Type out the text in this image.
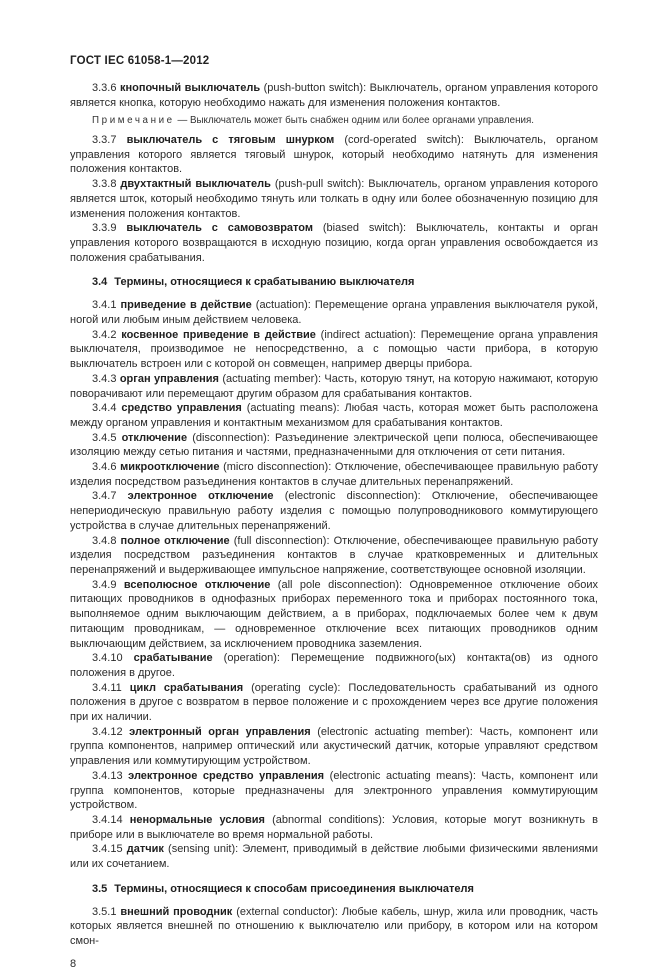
ГОСТ IEC 61058-1—2012

3.3.6 кнопочный выключатель (push-button switch): Выключатель, органом управления которого является кнопка, которую необходимо нажать для изменения положения контактов.

Примечание — Выключатель может быть снабжен одним или более органами управления.

3.3.7 выключатель с тяговым шнурком (cord-operated switch): Выключатель, органом управления которого является тяговый шнурок, который необходимо натянуть для изменения положения контактов.

3.3.8 двухтактный выключатель (push-pull switch): Выключатель, органом управления которого является шток, который необходимо тянуть или толкать в одну или более обозначенную позицию для изменения положения контактов.

3.3.9 выключатель с самовозвратом (biased switch): Выключатель, контакты и орган управления которого возвращаются в исходную позицию, когда орган управления освобождается из положения срабатывания.

3.4 Термины, относящиеся к срабатыванию выключателя

3.4.1 приведение в действие (actuation): Перемещение органа управления выключателя рукой, ногой или любым иным действием человека.

3.4.2 косвенное приведение в действие (indirect actuation): Перемещение органа управления выключателя, производимое не непосредственно, а с помощью части прибора, в которую выключатель встроен или с которой он совмещен, например дверцы прибора.

3.4.3 орган управления (actuating member): Часть, которую тянут, на которую нажимают, которую поворачивают или перемещают другим образом для срабатывания контактов.

3.4.4 средство управления (actuating means): Любая часть, которая может быть расположена между органом управления и контактным механизмом для срабатывания контактов.

3.4.5 отключение (disconnection): Разъединение электрической цепи полюса, обеспечивающее изоляцию между сетью питания и частями, предназначенными для отключения от сети питания.

3.4.6 микроотключение (micro disconnection): Отключение, обеспечивающее правильную работу изделия посредством разъединения контактов в случае длительных перенапряжений.

3.4.7 электронное отключение (electronic disconnection): Отключение, обеспечивающее непериодическую правильную работу изделия с помощью полупроводникового коммутирующего устройства в случае длительных перенапряжений.

3.4.8 полное отключение (full disconnection): Отключение, обеспечивающее правильную работу изделия посредством разъединения контактов в случае кратковременных и длительных перенапряжений и выдерживающее импульсное напряжение, соответствующее основной изоляции.

3.4.9 всеполюсное отключение (all pole disconnection): Одновременное отключение обоих питающих проводников в однофазных приборах переменного тока и приборах постоянного тока, выполняемое одним выключающим действием, а в приборах, подключаемых более чем к двум питающим проводникам, — одновременное отключение всех питающих проводников одним выключающим действием, за исключением проводника заземления.

3.4.10 срабатывание (operation): Перемещение подвижного(ых) контакта(ов) из одного положения в другое.

3.4.11 цикл срабатывания (operating cycle): Последовательность срабатываний из одного положения в другое с возвратом в первое положение и с прохождением через все другие положения при их наличии.

3.4.12 электронный орган управления (electronic actuating member): Часть, компонент или группа компонентов, например оптический или акустический датчик, которые управляют средством управления или коммутирующим устройством.

3.4.13 электронное средство управления (electronic actuating means): Часть, компонент или группа компонентов, которые предназначены для электронного управления коммутирующим устройством.

3.4.14 ненормальные условия (abnormal conditions): Условия, которые могут возникнуть в приборе или в выключателе во время нормальной работы.

3.4.15 датчик (sensing unit): Элемент, приводимый в действие любыми физическими явлениями или их сочетанием.

3.5 Термины, относящиеся к способам присоединения выключателя

3.5.1 внешний проводник (external conductor): Любые кабель, шнур, жила или проводник, часть которых является внешней по отношению к выключателю или прибору, в котором или на котором смон-

8
